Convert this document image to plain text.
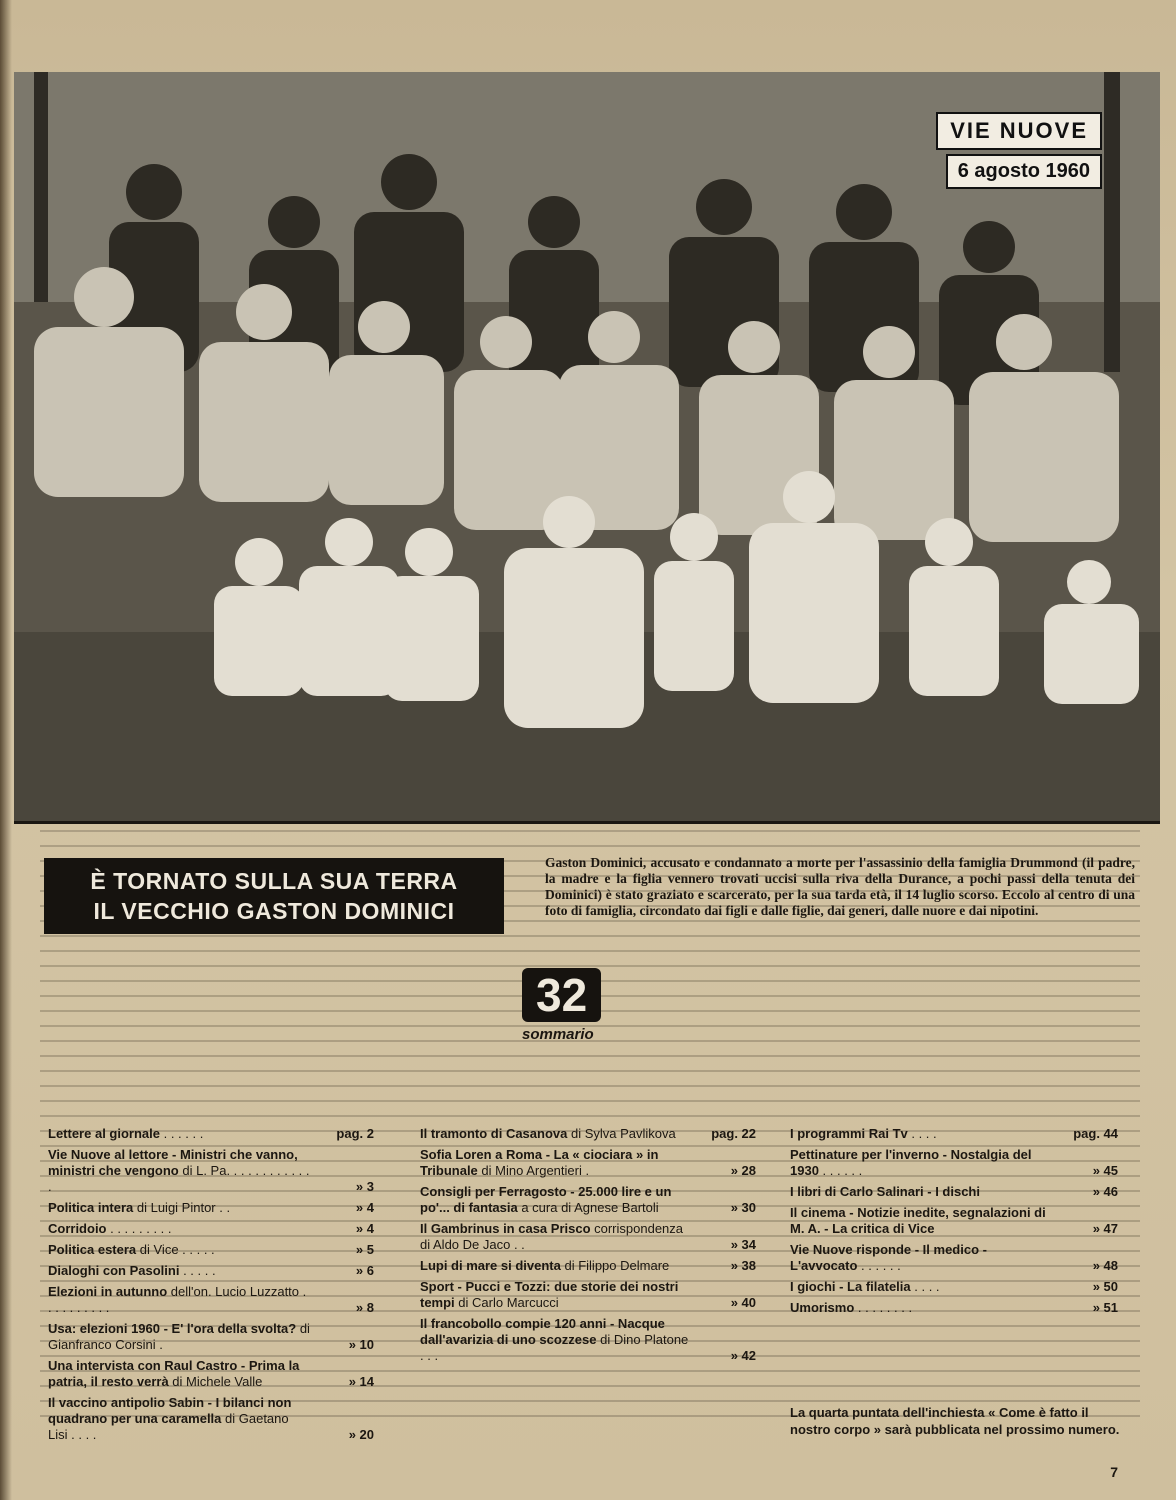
VIE NUOVE
6 agosto 1960
È TORNATO SULLA SUA TERRA
IL VECCHIO GASTON DOMINICI
Gaston Dominici, accusato e condannato a morte per l'assassinio della famiglia Drummond (il padre, la madre e la figlia vennero trovati uccisi sulla riva della Durance, a pochi passi della tenuta dei Dominici) è stato graziato e scarcerato, per la sua tarda età, il 14 luglio scorso. Eccolo al centro di una foto di famiglia, circondato dai figli e dalle figlie, dai generi, dalle nuore e dai nipotini.
32
sommario
Lettere al giornale . . . . . .	pag. 2
Vie Nuove al lettore - Ministri che vanno, ministri che vengono di L. Pa. . . . . . . . . . . . .	» 3
Politica intera di Luigi Pintor . .	» 4
Corridoio . . . . . . . . .	» 4
Politica estera di Vice . . . . .	» 5
Dialoghi con Pasolini . . . . .	» 6
Elezioni in autunno dell'on. Lucio Luzzatto . . . . . . . . . .	» 8
Usa: elezioni 1960 - E' l'ora della svolta? di Gianfranco Corsini .	» 10
Una intervista con Raul Castro - Prima la patria, il resto verrà di Michele Valle	» 14
Il vaccino antipolio Sabin - I bilanci non quadrano per una caramella di Gaetano Lisi . . . .	» 20
Il tramonto di Casanova di Sylva Pavlikova	pag. 22
Sofia Loren a Roma - La « ciociara » in Tribunale di Mino Argentieri .	» 28
Consigli per Ferragosto - 25.000 lire e un po'... di fantasia a cura di Agnese Bartoli	» 30
Il Gambrinus in casa Prisco corrispondenza di Aldo De Jaco . .	» 34
Lupi di mare si diventa di Filippo Delmare	» 38
Sport - Pucci e Tozzi: due storie dei nostri tempi di Carlo Marcucci	» 40
Il francobollo compie 120 anni - Nacque dall'avarizia di uno scozzese di Dino Platone . . .	» 42
I programmi Rai Tv . . . .	pag. 44
Pettinature per l'inverno - Nostalgia del 1930 . . . . . .	» 45
I libri di Carlo Salinari - I dischi	» 46
Il cinema - Notizie inedite, segnalazioni di M. A. - La critica di Vice	» 47
Vie Nuove risponde - Il medico - L'avvocato . . . . . .	» 48
I giochi - La filatelia . . . .	» 50
Umorismo . . . . . . . .	» 51
La quarta puntata dell'inchiesta « Come è fatto il nostro corpo » sarà pubblicata nel prossimo numero.
7
